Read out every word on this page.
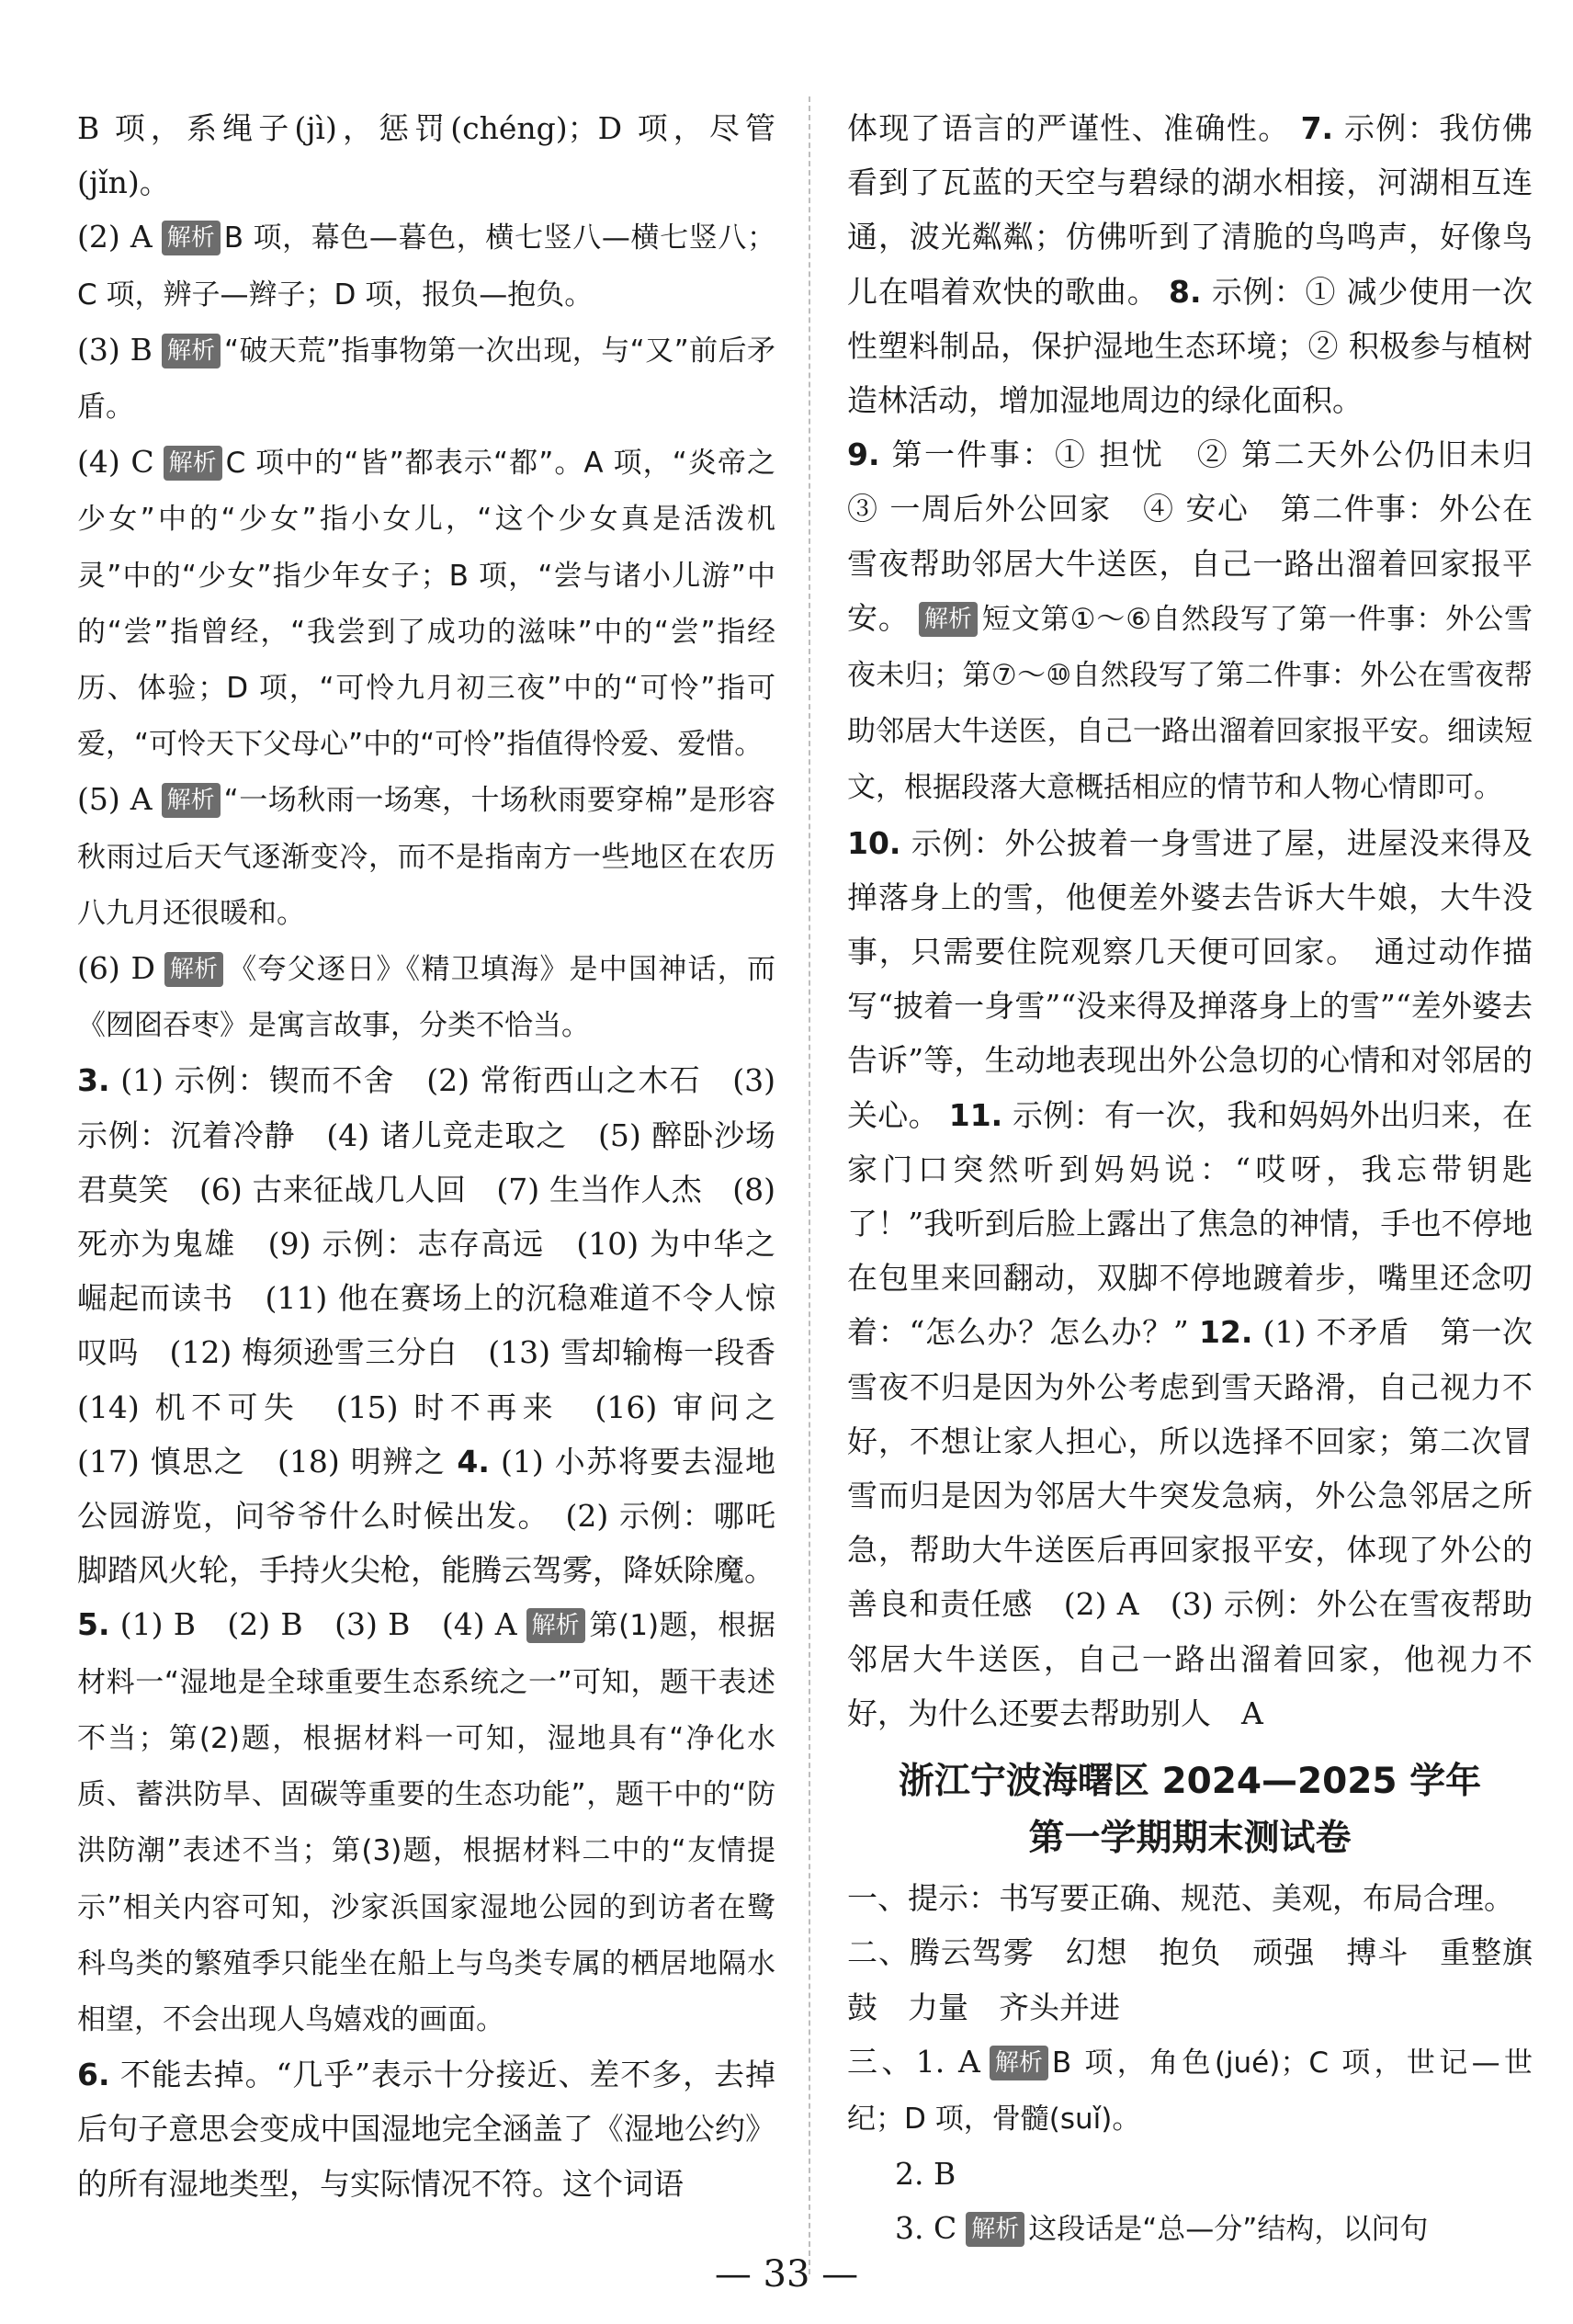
B 项，系绳子(jì)，惩罚(chéng)；D 项，尽管(jǐn)。

(2) A 解析 B 项，幕色—暮色，横七竖八—横七竖八；C 项，辨子—辫子；D 项，报负—抱负。

(3) B 解析 “破天荒”指事物第一次出现，与“又”前后矛盾。

(4) C 解析 C 项中的“皆”都表示“都”。A 项，“炎帝之少女”中的“少女”指小女儿，“这个少女真是活泼机灵”中的“少女”指少年女子；B 项，“尝与诸小儿游”中的“尝”指曾经，“我尝到了成功的滋味”中的“尝”指经历、体验；D 项，“可怜九月初三夜”中的“可怜”指可爱，“可怜天下父母心”中的“可怜”指值得怜爱、爱惜。

(5) A 解析 “一场秋雨一场寒，十场秋雨要穿棉”是形容秋雨过后天气逐渐变冷，而不是指南方一些地区在农历八九月还很暖和。

(6) D 解析 《夸父逐日》《精卫填海》是中国神话，而《囫囵吞枣》是寓言故事，分类不恰当。

3. (1) 示例：锲而不舍　(2) 常衔西山之木石　(3) 示例：沉着冷静　(4) 诸儿竞走取之　(5) 醉卧沙场君莫笑　(6) 古来征战几人回　(7) 生当作人杰　(8) 死亦为鬼雄　(9) 示例：志存高远　(10) 为中华之崛起而读书　(11) 他在赛场上的沉稳难道不令人惊叹吗　(12) 梅须逊雪三分白　(13) 雪却输梅一段香　(14) 机不可失　(15) 时不再来　(16) 审问之　(17) 慎思之　(18) 明辨之 4. (1) 小苏将要去湿地公园游览，问爷爷什么时候出发。　(2) 示例：哪吒　脚踏风火轮，手持火尖枪，能腾云驾雾，降妖除魔。

5. (1) B　(2) B　(3) B　(4) A 解析 第(1)题，根据材料一“湿地是全球重要生态系统之一”可知，题干表述不当；第(2)题，根据材料一可知，湿地具有“净化水质、蓄洪防旱、固碳等重要的生态功能”，题干中的“防洪防潮”表述不当；第(3)题，根据材料二中的“友情提示”相关内容可知，沙家浜国家湿地公园的到访者在鹭科鸟类的繁殖季只能坐在船上与鸟类专属的栖居地隔水相望，不会出现人鸟嬉戏的画面。

6. 不能去掉。“几乎”表示十分接近、差不多，去掉后句子意思会变成中国湿地完全涵盖了《湿地公约》的所有湿地类型，与实际情况不符。这个词语

体现了语言的严谨性、准确性。 7. 示例：我仿佛看到了瓦蓝的天空与碧绿的湖水相接，河湖相互连通，波光粼粼；仿佛听到了清脆的鸟鸣声，好像鸟儿在唱着欢快的歌曲。 8. 示例：① 减少使用一次性塑料制品，保护湿地生态环境；② 积极参与植树造林活动，增加湿地周边的绿化面积。

9. 第一件事：① 担忧　② 第二天外公仍旧未归　③ 一周后外公回家　④ 安心　第二件事：外公在雪夜帮助邻居大牛送医，自己一路出溜着回家报平安。 解析 短文第①～⑥自然段写了第一件事：外公雪夜未归；第⑦～⑩自然段写了第二件事：外公在雪夜帮助邻居大牛送医，自己一路出溜着回家报平安。细读短文，根据段落大意概括相应的情节和人物心情即可。

10. 示例：外公披着一身雪进了屋，进屋没来得及掸落身上的雪，他便差外婆去告诉大牛娘，大牛没事，只需要住院观察几天便可回家。　通过动作描写“披着一身雪”“没来得及掸落身上的雪”“差外婆去告诉”等，生动地表现出外公急切的心情和对邻居的关心。 11. 示例：有一次，我和妈妈外出归来，在家门口突然听到妈妈说：“哎呀，我忘带钥匙了！”我听到后脸上露出了焦急的神情，手也不停地在包里来回翻动，双脚不停地踱着步，嘴里还念叨着：“怎么办？怎么办？” 12. (1) 不矛盾　第一次雪夜不归是因为外公考虑到雪天路滑，自己视力不好，不想让家人担心，所以选择不回家；第二次冒雪而归是因为邻居大牛突发急病，外公急邻居之所急，帮助大牛送医后再回家报平安，体现了外公的善良和责任感　(2) A　(3) 示例：外公在雪夜帮助邻居大牛送医，自己一路出溜着回家，他视力不好，为什么还要去帮助别人　A

浙江宁波海曙区 2024—2025 学年
第一学期期末测试卷

一、提示：书写要正确、规范、美观，布局合理。

二、腾云驾雾　幻想　抱负　顽强　搏斗　重整旗鼓　力量　齐头并进

三、1. A 解析 B 项，角色(jué)；C 项，世记—世纪；D 项，骨髓(suǐ)。

2. B

3. C 解析 这段话是“总—分”结构，以问句

— 33 —
